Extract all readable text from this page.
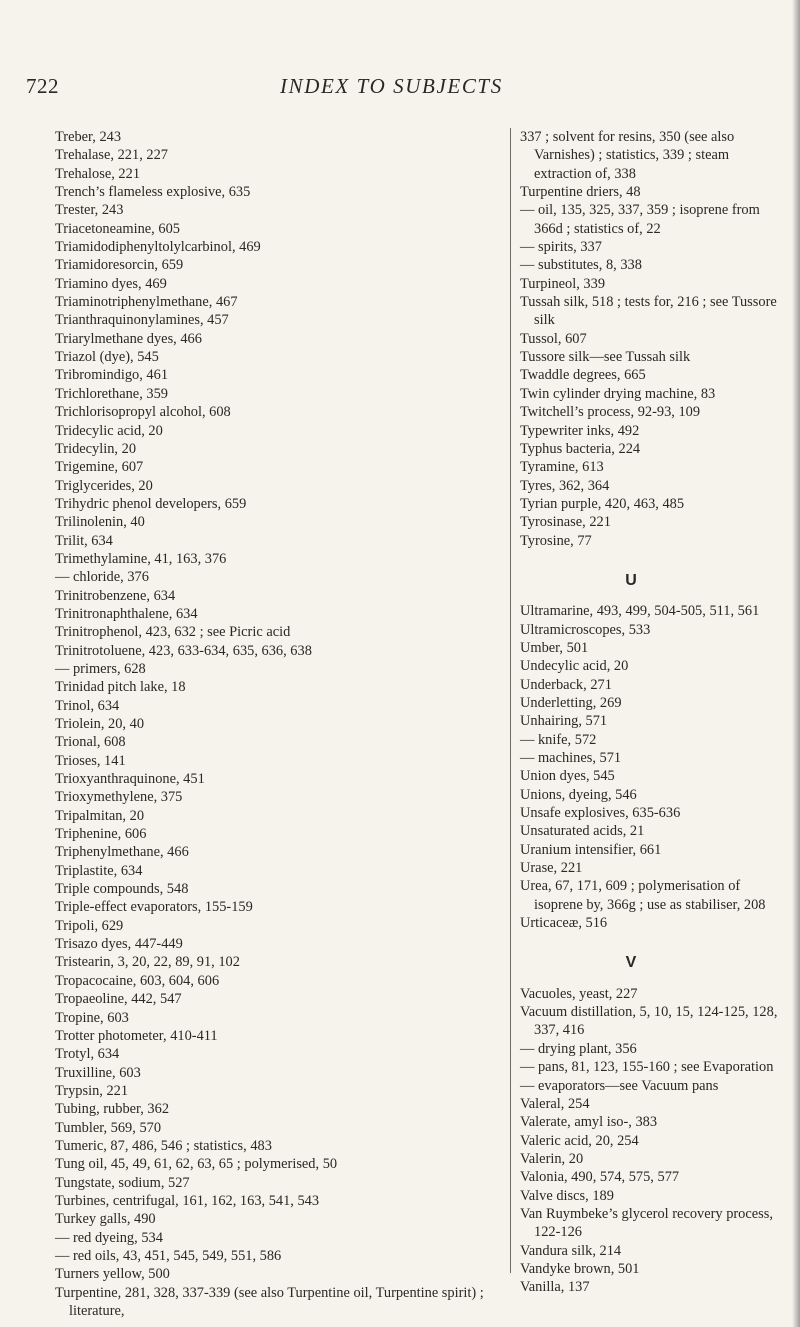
722	INDEX TO SUBJECTS
Treber, 243
Trehalase, 221, 227
Trehalose, 221
Trench’s flameless explosive, 635
Trester, 243
Triacetoneamine, 605
Triamidodiphenyltolylcarbinol, 469
Triamidoresorcin, 659
Triamino dyes, 469
Triaminotriphenylmethane, 467
Trianthraquinonylamines, 457
Triarylmethane dyes, 466
Triazol (dye), 545
Tribromindigo, 461
Trichlorethane, 359
Trichlorisopropyl alcohol, 608
Tridecylic acid, 20
Tridecylin, 20
Trigemine, 607
Triglycerides, 20
Trihydric phenol developers, 659
Trilinolenin, 40
Trilit, 634
Trimethylamine, 41, 163, 376
— chloride, 376
Trinitrobenzene, 634
Trinitronaphthalene, 634
Trinitrophenol, 423, 632 ; see Picric acid
Trinitrotoluene, 423, 633-634, 635, 636, 638
— primers, 628
Trinidad pitch lake, 18
Trinol, 634
Triolein, 20, 40
Trional, 608
Trioses, 141
Trioxyanthraquinone, 451
Trioxymethylene, 375
Tripalmitan, 20
Triphenine, 606
Triphenylmethane, 466
Triplastite, 634
Triple compounds, 548
Triple-effect evaporators, 155-159
Tripoli, 629
Trisazo dyes, 447-449
Tristearin, 3, 20, 22, 89, 91, 102
Tropacocaine, 603, 604, 606
Tropaeoline, 442, 547
Tropine, 603
Trotter photometer, 410-411
Trotyl, 634
Truxilline, 603
Trypsin, 221
Tubing, rubber, 362
Tumbler, 569, 570
Tumeric, 87, 486, 546 ; statistics, 483
Tung oil, 45, 49, 61, 62, 63, 65 ; polymerised, 50
Tungstate, sodium, 527
Turbines, centrifugal, 161, 162, 163, 541, 543
Turkey galls, 490
— red dyeing, 534
— red oils, 43, 451, 545, 549, 551, 586
Turners yellow, 500
Turpentine, 281, 328, 337-339 (see also Turpentine oil, Turpentine spirit) ; literature,
337 ; solvent for resins, 350 (see also Varnishes) ; statistics, 339 ; steam extraction of, 338
Turpentine driers, 48
— oil, 135, 325, 337, 359 ; isoprene from 366d ; statistics of, 22
— spirits, 337
— substitutes, 8, 338
Turpineol, 339
Tussah silk, 518 ; tests for, 216 ; see Tussore silk
Tussol, 607
Tussore silk—see Tussah silk
Twaddle degrees, 665
Twin cylinder drying machine, 83
Twitchell’s process, 92-93, 109
Typewriter inks, 492
Typhus bacteria, 224
Tyramine, 613
Tyres, 362, 364
Tyrian purple, 420, 463, 485
Tyrosinase, 221
Tyrosine, 77
U
Ultramarine, 493, 499, 504-505, 511, 561
Ultramicroscopes, 533
Umber, 501
Undecylic acid, 20
Underback, 271
Underletting, 269
Unhairing, 571
— knife, 572
— machines, 571
Union dyes, 545
Unions, dyeing, 546
Unsafe explosives, 635-636
Unsaturated acids, 21
Uranium intensifier, 661
Urase, 221
Urea, 67, 171, 609 ; polymerisation of isoprene by, 366g ; use as stabiliser, 208
Urticaceæ, 516
V
Vacuoles, yeast, 227
Vacuum distillation, 5, 10, 15, 124-125, 128, 337, 416
— drying plant, 356
— pans, 81, 123, 155-160 ; see Evaporation
— evaporators—see Vacuum pans
Valeral, 254
Valerate, amyl iso-, 383
Valeric acid, 20, 254
Valerin, 20
Valonia, 490, 574, 575, 577
Valve discs, 189
Van Ruymbeke’s glycerol recovery process, 122-126
Vandura silk, 214
Vandyke brown, 501
Vanilla, 137
